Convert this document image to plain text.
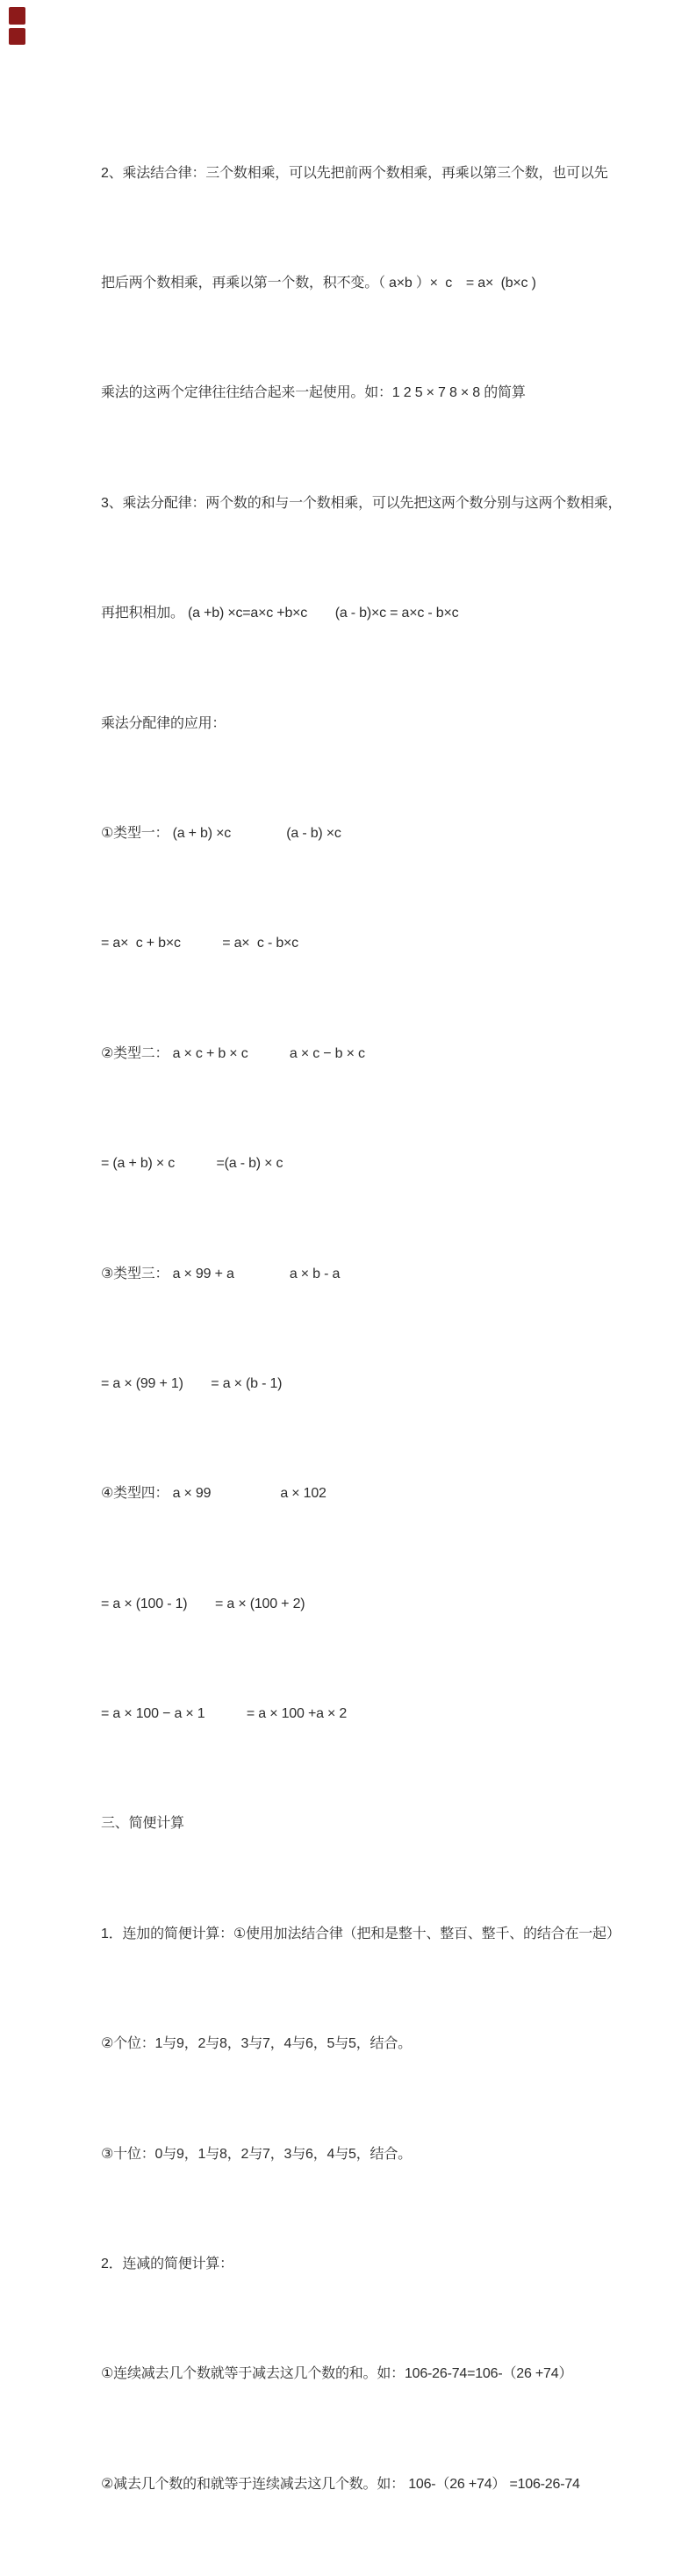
2、乘法结合律：三个数相乘，可以先把前两个数相乘，再乘以第三个数，也可以先

把后两个数相乘，再乘以第一个数，积不变。（ a×b ）×  c　= a×  (b×c )

乘法的这两个定律往往结合起来一起使用。如：1 2 5 × 7 8 × 8 的简算

3、乘法分配律：两个数的和与一个数相乘，可以先把这两个数分别与这两个数相乘，

再把积相加。 (a +b) ×c=a×c +b×c　　(a - b)×c = a×c - b×c

乘法分配律的应用：

①类型一： (a + b) ×c　　　　(a - b) ×c

= a×  c + b×c　　　= a×  c - b×c

②类型二： a × c + b × c　　　a × c − b × c

= (a + b) × c　　　=(a - b) × c

③类型三： a × 99 + a　　　　a × b - a

= a × (99 + 1)　　= a × (b - 1)

④类型四： a × 99　　　　　a × 102

= a × (100 - 1)　　= a × (100 + 2)

= a × 100 − a × 1　　　= a × 100 +a × 2

三、简便计算

1．连加的简便计算：①使用加法结合律（把和是整十、整百、整千、的结合在一起）

②个位：1与9，2与8，3与7，4与6，5与5，结合。

③十位：0与9，1与8，2与7，3与6，4与5，结合。

2．连减的简便计算：

①连续减去几个数就等于减去这几个数的和。如：106-26-74=106-（26 +74）

②减去几个数的和就等于连续减去这几个数。如： 106-（26 +74） =106-26-74
